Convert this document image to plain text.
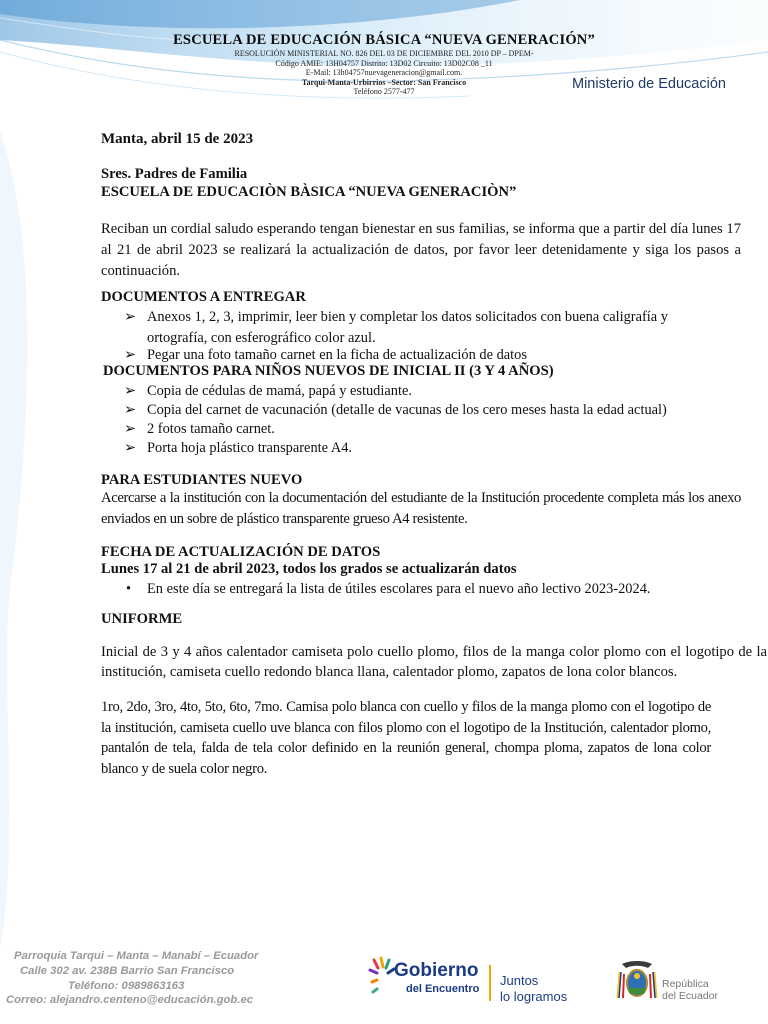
ESCUELA DE EDUCACIÓN BÁSICA “NUEVA GENERACIÓN”
RESOLUCIÓN MINISTERIAL NO. 826 DEL 03 DE DICIEMBRE DEL 2010 DP – DPEM-
Código AMIE: 13H04757 Distrito: 13D02 Circuito: 13D02C08 _11
E-Mail: 13h04757nuevageneracion@gmail.com.
Tarqui-Manta-Urbirrios –Sector: San Francisco
Teléfono 2577-477	Ministerio de Educación
Manta, abril 15 de 2023
Sres. Padres de Familia
ESCUELA DE EDUCACIÒN BÀSICA “NUEVA GENERACIÒN”
Reciban un cordial saludo esperando tengan bienestar en sus familias, se informa que a partir del día lunes 17 al 21 de abril 2023 se realizará la actualización de datos, por favor leer detenidamente y siga los pasos a continuación.
DOCUMENTOS A ENTREGAR
➢ Anexos 1, 2, 3, imprimir, leer bien y completar los datos solicitados con buena caligrafía y ortografía, con esferográfico color azul.
➢ Pegar una foto tamaño carnet en la ficha de actualización de datos
DOCUMENTOS PARA NIÑOS NUEVOS DE INICIAL II (3 Y 4 AÑOS)
➢ Copia de cédulas de mamá, papá y estudiante.
➢ Copia del carnet de vacunación (detalle de vacunas de los cero meses hasta la edad actual)
➢ 2 fotos tamaño carnet.
➢ Porta hoja plástico transparente A4.
PARA ESTUDIANTES NUEVO
Acercarse a la institución con la documentación del estudiante de la Institución procedente completa más los anexo enviados en un sobre de plástico transparente grueso A4 resistente.
FECHA DE ACTUALIZACIÓN DE DATOS
Lunes 17 al 21 de abril 2023, todos los grados se actualizarán datos
•	En este día se entregará la lista de útiles escolares para el nuevo año lectivo 2023-2024.
UNIFORME
Inicial de 3 y 4 años calentador camiseta polo cuello plomo, filos de la manga color plomo con el logotipo de la institución, camiseta cuello redondo blanca llana, calentador plomo, zapatos de lona color blancos.
1ro, 2do, 3ro, 4to, 5to, 6to, 7mo. Camisa polo blanca con cuello y filos de la manga plomo con el logotipo de la institución, camiseta cuello uve blanca con filos plomo con el logotipo de la Institución, calentador plomo, pantalón de tela, falda de tela color definido en la reunión general, chompa ploma, zapatos de lona color blanco y de suela color negro.
Parroquia Tarqui – Manta – Manabí – Ecuador
Calle 302 av. 238B Barrio San Francisco
Teléfono: 0989863163
Correo: alejandro.centeno@educación.gob.ec
Gobierno
del Encuentro
Juntos
lo logramos
República
del Ecuador
